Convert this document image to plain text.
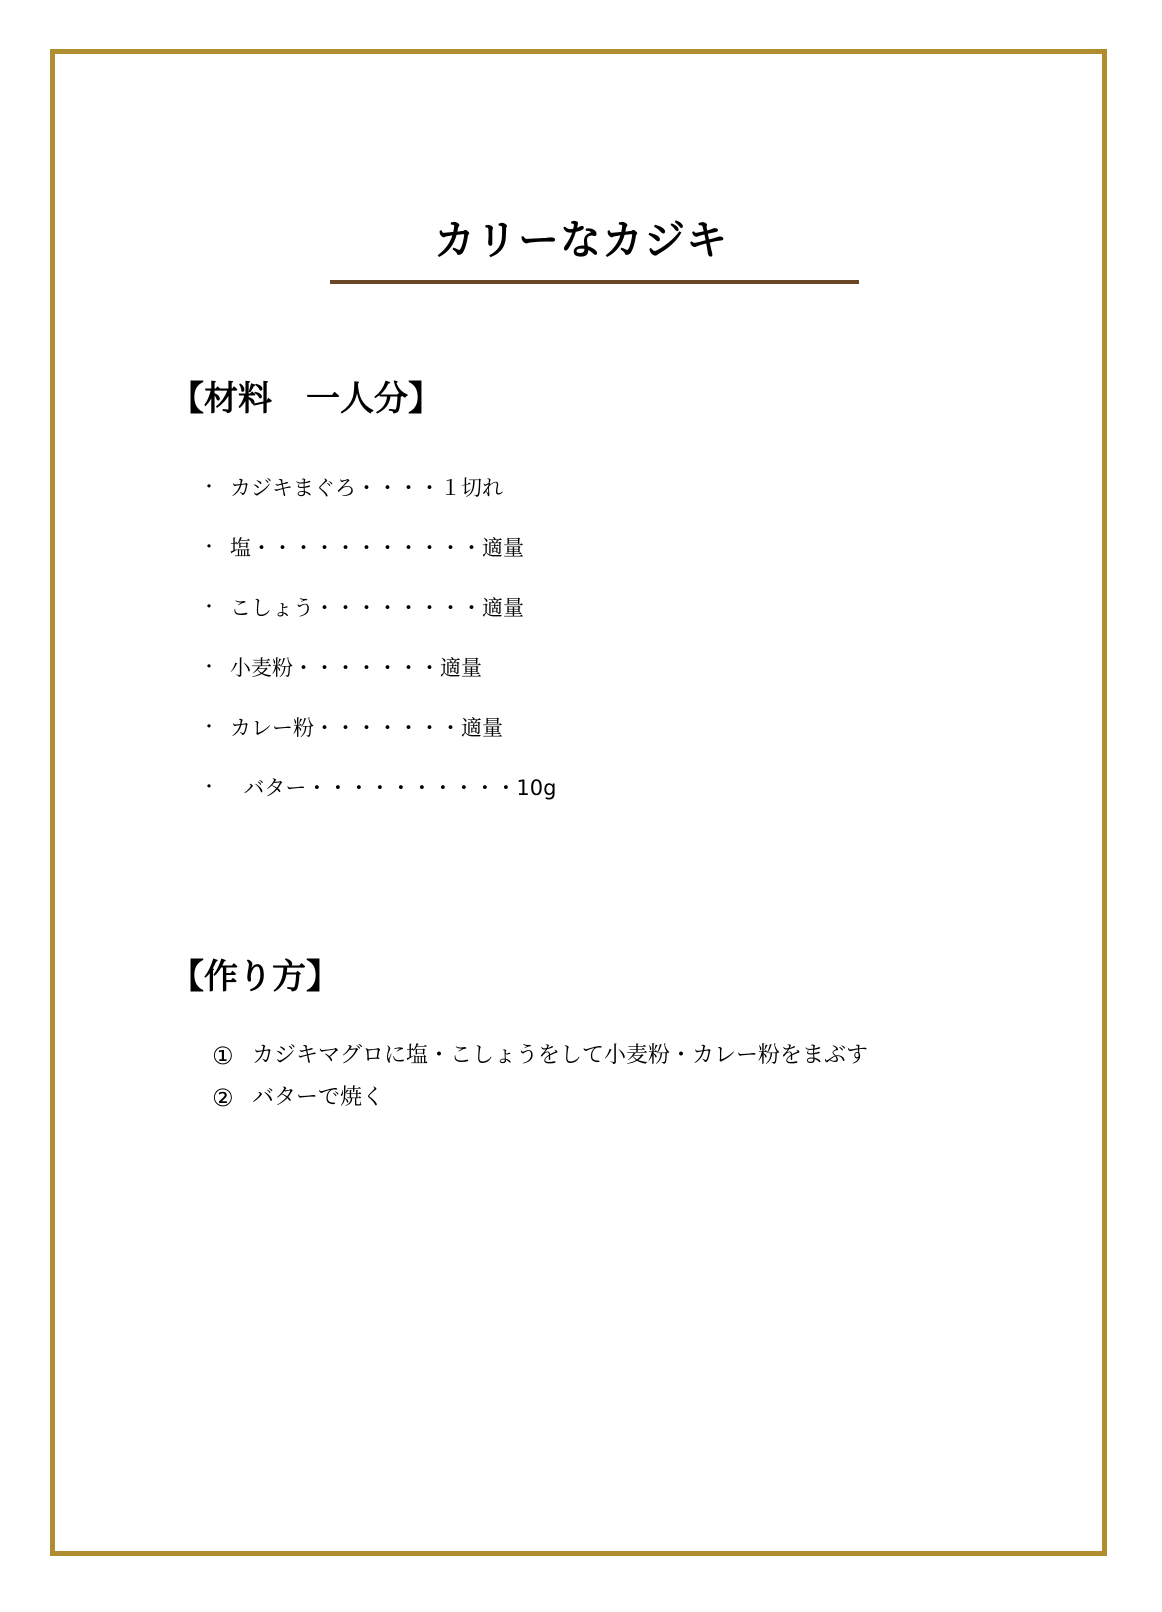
カリーなカジキ
【材料　一人分】
・ カジキまぐろ・・・・１切れ
・ 塩・・・・・・・・・・・適量
・ こしょう・・・・・・・・適量
・ 小麦粉・・・・・・・適量
・ カレー粉・・・・・・・適量
・ バター・・・・・・・・・・10g
【作り方】
① カジキマグロに塩・こしょうをして小麦粉・カレー粉をまぶす
② バターで焼く
